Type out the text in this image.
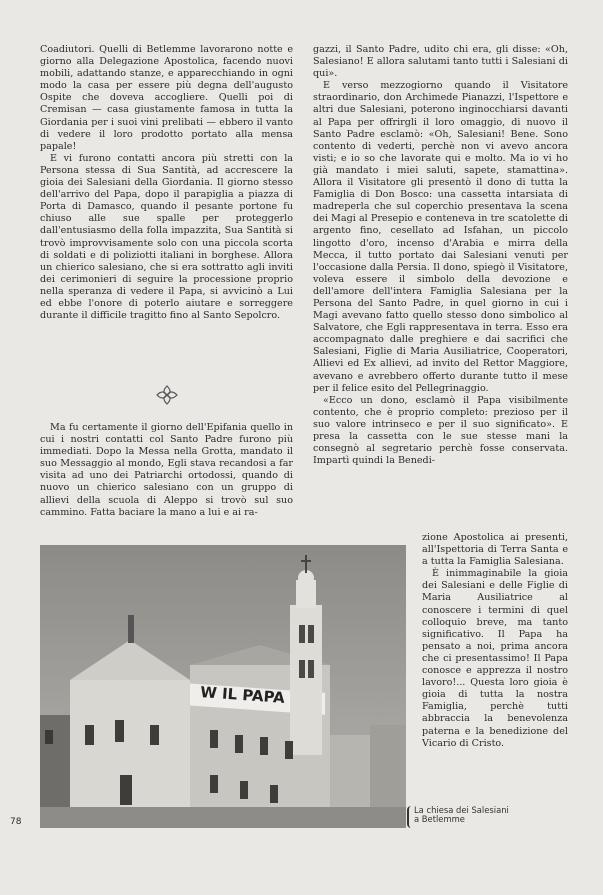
Coadiutori. Quelli di Betlemme lavorarono notte e giorno alla Delegazione Apostolica, facendo nuovi mobili, adattando stanze, e apparecchiando in ogni modo la casa per essere più degna dell'augusto Ospite che doveva accoglierе. Quelli poi di Cremisan — casa giustamente famosa in tutta la Giordania per i suoi vini prelibati — ebbero il vanto di vedere il loro prodotto portato alla mensa papale!

E vi furono contatti ancora più stretti con la Persona stessa di Sua Santità, ad accrescere la gioia dei Salesiani della Giordania. Il giorno stesso dell'arrivo del Papa, dopo il parapiglia a piazza di Porta di Damasco, quando il pesante portone fu chiuso alle sue spalle per proteggerlo dall'entusiasmo della folla impazzita, Sua Santità si trovò improvvisamente solo con una piccola scorta di soldati e di poliziotti italiani in borghese. Allora un chierico salesiano, che si era sottratto agli inviti dei cerimonieri di seguire la processione proprio nella speranza di vedere il Papa, si avvicinò a Lui ed ebbe l'onore di poterlo aiutare e sorreggere durante il difficile tragitto fino al Santo Sepolcro.

Ma fu certamente il giorno dell'Epifania quello in cui i nostri contatti col Santo Padre furono più immediati. Dopo la Messa nella Grotta, mandato il suo Messaggio al mondo, Egli stava recandosi a far visita ad uno dei Patriarchi ortodossi, quando di nuovo un chierico salesiano con un gruppo di allievi della scuola di Aleppo si trovò sul suo cammino. Fatta baciare la mano a lui e ai ra-

gazzi, il Santo Padre, udito chi era, gli disse: «Oh, Salesiano! E allora salutami tanto tutti i Salesiani di qui».

E verso mezzogiorno quando il Visitatore straordinario, don Archimede Pianazzi, l'Ispettore e altri due Salesiani, poterono inginocchiarsi davanti al Papa per offrirgli il loro omaggio, di nuovo il Santo Padre esclamò: «Oh, Salesiani! Bene. Sono contento di vederti, perchè non vi avevo ancora visti; e io so che lavorate qui e molto. Ma io vi ho già mandato i miei saluti, sapete, stamattina». Allora il Visitatore gli presentò il dono di tutta la Famiglia di Don Bosco: una cassetta intarsiata di madreperla che sul coperchio presentava la scena dei Magi al Presepio e conteneva in tre scatolette di argento fino, cesellato ad Isfahan, un piccolo lingotto d'oro, incenso d'Arabia e mirra della Mecca, il tutto portato dai Salesiani venuti per l'occasione dalla Persia. Il dono, spiegò il Visitatore, voleva essere il simbolo della devozione e dell'amore dell'intera Famiglia Salesiana per la Persona del Santo Padre, in quel giorno in cui i Magi avevano fatto quello stesso dono simbolico al Salvatore, che Egli rappresentava in terra. Esso era accompagnato dalle preghiere e dai sacrifici che Salesiani, Figlie di Maria Ausiliatrice, Cooperatori, Allievi ed Ex allievi, ad invito del Rettor Maggiore, avevano e avrebbero offerto durante tutto il mese per il felice esito del Pellegrinaggio.

«Ecco un dono, esclamò il Papa visibilmente contento, che è proprio completo: prezioso per il suo valore intrinseco e per il suo significato». E presa la cassetta con le sue stesse mani la consegnò al segretario perchè fosse conservata. Impartì quindi la Benedi-

zione Apostolica ai presenti, all'Ispettoria di Terra Santa e a tutta la Famiglia Salesiana.

È inimmaginabile la gioia dei Salesiani e delle Figlie di Maria Ausiliatrice al conoscere i termini di quel colloquio breve, ma tanto significativo. Il Papa ha pensato a noi, prima ancora che ci presentassimo! Il Papa conosce e apprezza il nostro lavoro!... Questa loro gioia è gioia di tutta la nostra Famiglia, perchè tutti abbraccia la benevolenza paterna e la benedizione del Vicario di Cristo.

W IL PAPA
78
La chiesa dei Salesiani
a Betlemme
